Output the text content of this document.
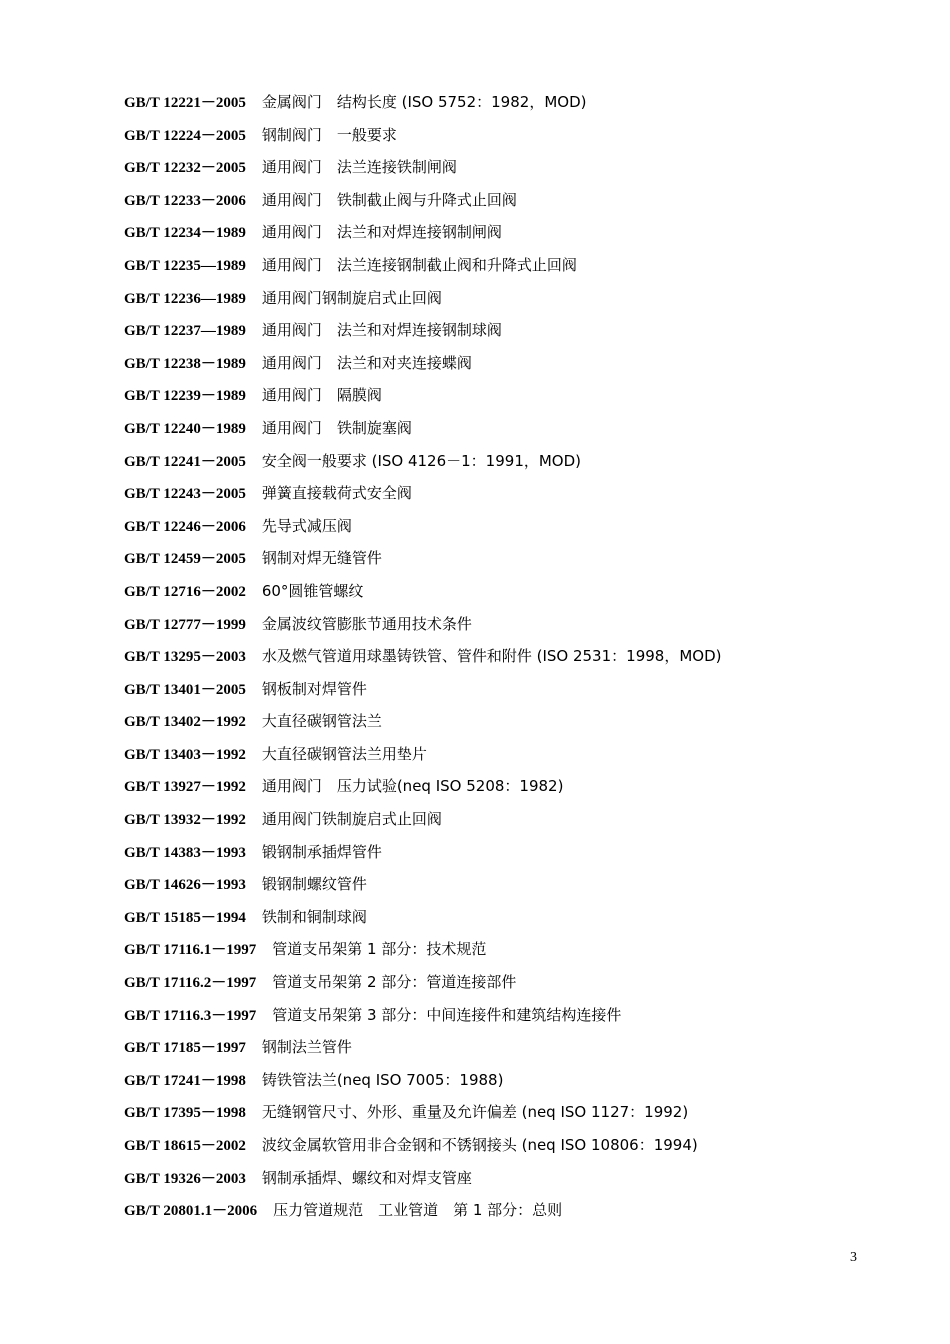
GB/T 12221－2005 金属阀门　结构长度 (ISO 5752：1982，MOD)
GB/T 12224－2005 钢制阀门　一般要求
GB/T 12232－2005 通用阀门　法兰连接铁制闸阀
GB/T 12233－2006 通用阀门　铁制截止阀与升降式止回阀
GB/T 12234－1989 通用阀门　法兰和对焊连接钢制闸阀
GB/T 12235—1989 通用阀门　法兰连接钢制截止阀和升降式止回阀
GB/T 12236—1989 通用阀门钢制旋启式止回阀
GB/T 12237—1989 通用阀门　法兰和对焊连接钢制球阀
GB/T 12238－1989 通用阀门　法兰和对夹连接蝶阀
GB/T 12239－1989 通用阀门　隔膜阀
GB/T 12240－1989 通用阀门　铁制旋塞阀
GB/T 12241－2005 安全阀一般要求 (ISO 4126－1：1991，MOD)
GB/T 12243－2005 弹簧直接载荷式安全阀
GB/T 12246－2006 先导式减压阀
GB/T 12459－2005 钢制对焊无缝管件
GB/T 12716－2002 60°圆锥管螺纹
GB/T 12777－1999 金属波纹管膨胀节通用技术条件
GB/T 13295－2003 水及燃气管道用球墨铸铁管、管件和附件 (ISO 2531：1998，MOD)
GB/T 13401－2005 钢板制对焊管件
GB/T 13402－1992 大直径碳钢管法兰
GB/T 13403－1992 大直径碳钢管法兰用垫片
GB/T 13927－1992 通用阀门　压力试验(neq ISO 5208：1982)
GB/T 13932－1992 通用阀门铁制旋启式止回阀
GB/T 14383－1993 锻钢制承插焊管件
GB/T 14626－1993 锻钢制螺纹管件
GB/T 15185－1994 铁制和铜制球阀
GB/T 17116.1－1997 管道支吊架第 1 部分：技术规范
GB/T 17116.2－1997 管道支吊架第 2 部分：管道连接部件
GB/T 17116.3－1997 管道支吊架第 3 部分：中间连接件和建筑结构连接件
GB/T 17185－1997 钢制法兰管件
GB/T 17241－1998 铸铁管法兰(neq ISO 7005：1988)
GB/T 17395－1998 无缝钢管尺寸、外形、重量及允许偏差 (neq ISO 1127：1992)
GB/T 18615－2002 波纹金属软管用非合金钢和不锈钢接头 (neq ISO 10806：1994)
GB/T 19326－2003 钢制承插焊、螺纹和对焊支管座
GB/T 20801.1－2006 压力管道规范　工业管道　第 1 部分：总则
3
